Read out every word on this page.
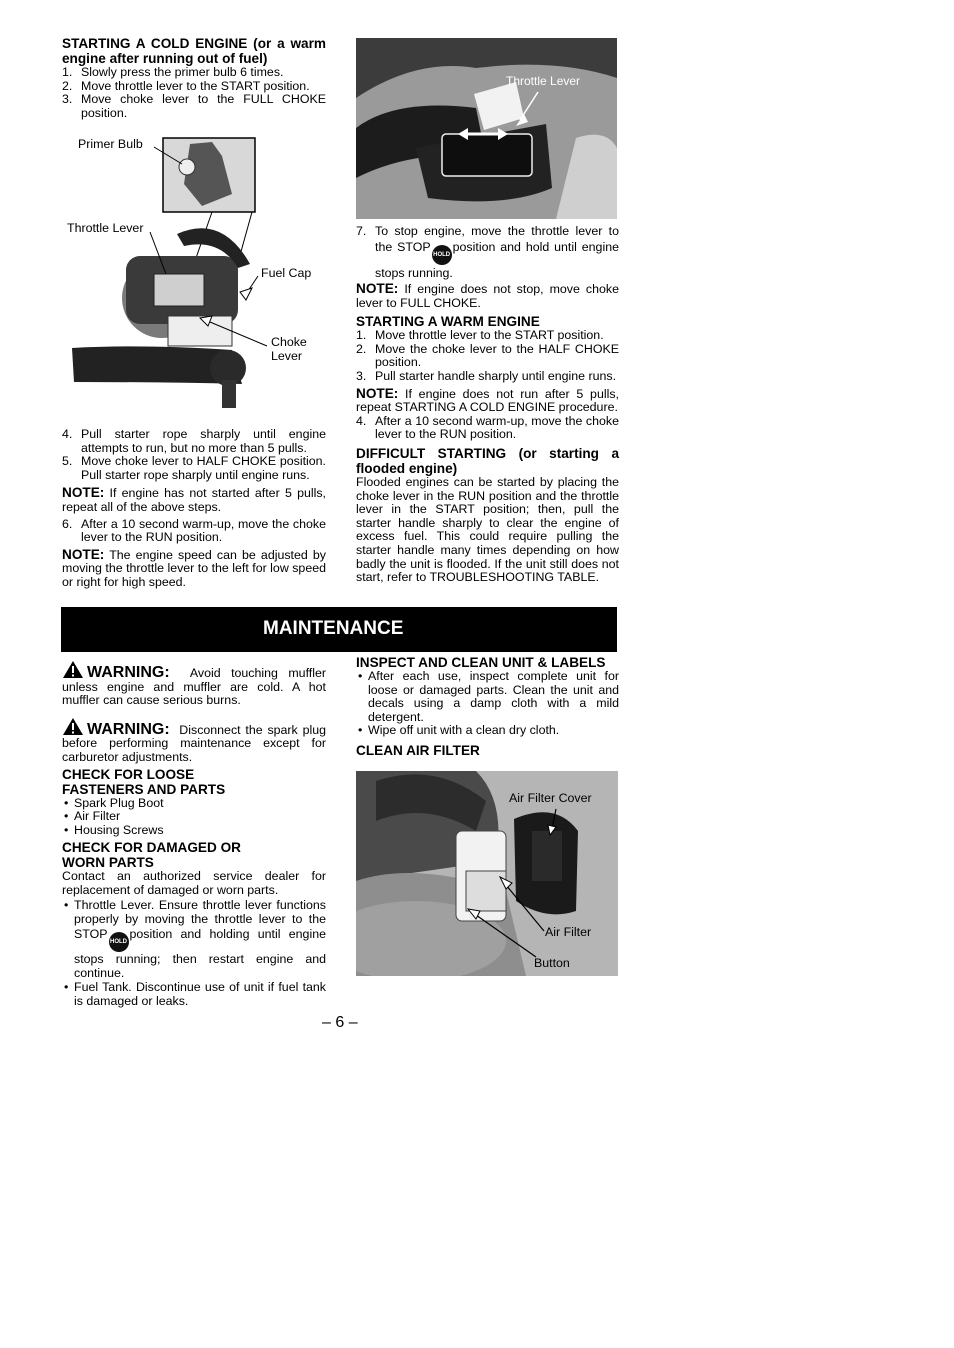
STARTING A COLD ENGINE (or a warm engine after running out of fuel)
1. Slowly press the primer bulb 6 times.
2. Move throttle lever to the START position.
3. Move choke lever to the FULL CHOKE position.
Primer Bulb
Throttle Lever
Fuel Cap
Choke Lever
4. Pull starter rope sharply until engine attempts to run, but no more than 5 pulls.
5. Move choke lever to HALF CHOKE position. Pull starter rope sharply until engine runs.
NOTE: If engine has not started after 5 pulls, repeat all of the above steps.
6. After a 10 second warm-up, move the choke lever to the RUN position.
NOTE: The engine speed can be adjusted by moving the throttle lever to the left for low speed or right for high speed.
Throttle Lever
7. To stop engine, move the throttle lever to the STOPHOLDposition and hold until engine stops running.
NOTE: If engine does not stop, move choke lever to FULL CHOKE.
STARTING A WARM ENGINE
1. Move throttle lever to the START position.
2. Move the choke lever to the HALF CHOKE position.
3. Pull starter handle sharply until engine runs.
NOTE: If engine does not run after 5 pulls, repeat STARTING A COLD ENGINE procedure.
4. After a 10 second warm-up, move the choke lever to the RUN position.
DIFFICULT STARTING (or starting a flooded engine)
Flooded engines can be started by placing the choke lever in the RUN position and the throttle lever in the START position; then, pull the starter handle sharply to clear the engine of excess fuel. This could require pulling the starter handle many times depending on how badly the unit is flooded. If the unit still does not start, refer to TROUBLESHOOTING TABLE.
MAINTENANCE
WARNING: Avoid touching muffler unless engine and muffler are cold. A hot muffler can cause serious burns.
WARNING: Disconnect the spark plug before performing maintenance except for carburetor adjustments.
CHECK FOR LOOSE FASTENERS AND PARTS
• Spark Plug Boot
• Air Filter
• Housing Screws
CHECK FOR DAMAGED OR WORN PARTS
Contact an authorized service dealer for replacement of damaged or worn parts.
• Throttle Lever. Ensure throttle lever functions properly by moving the throttle lever to the STOPHOLDposition and holding until engine stops running; then restart engine and continue.
• Fuel Tank. Discontinue use of unit if fuel tank is damaged or leaks.
INSPECT AND CLEAN UNIT & LABELS
• After each use, inspect complete unit for loose or damaged parts. Clean the unit and decals using a damp cloth with a mild detergent.
• Wipe off unit with a clean dry cloth.
CLEAN AIR FILTER
Air Filter Cover
Air Filter
Button
– 6 –
